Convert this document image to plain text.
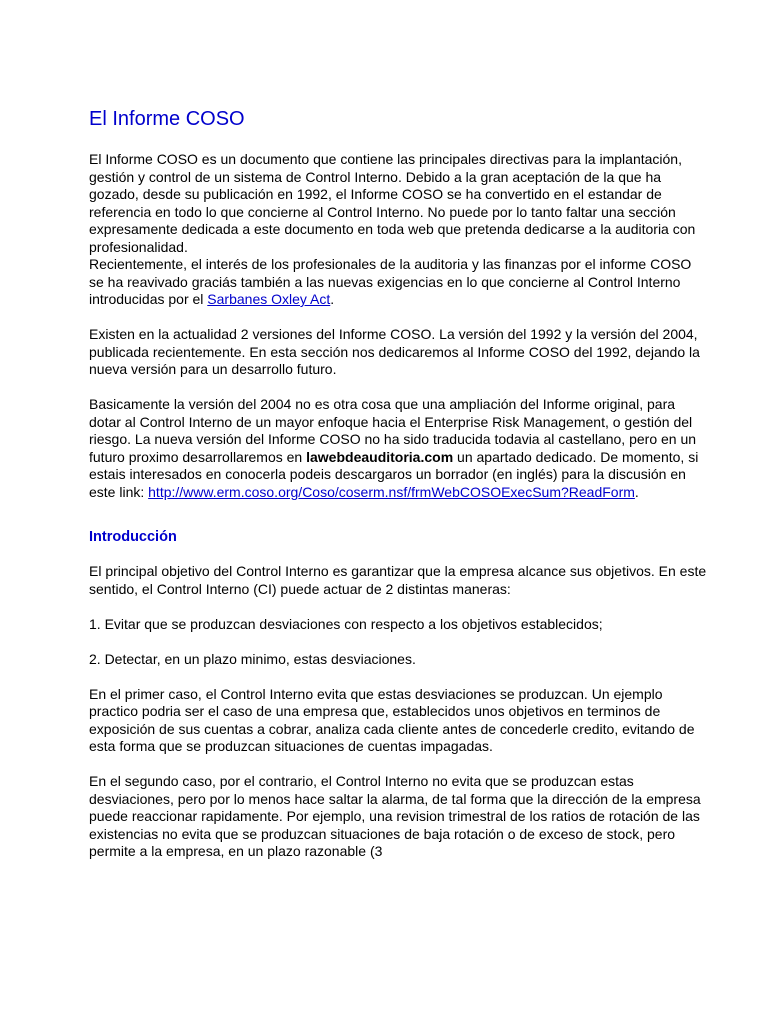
El Informe COSO

El Informe COSO es un documento que contiene las principales directivas para la implantación, gestión y control de un sistema de Control Interno. Debido a la gran aceptación de la que ha gozado, desde su publicación en 1992, el Informe COSO se ha convertido en el estandar de referencia en todo lo que concierne al Control Interno. No puede por lo tanto faltar una sección expresamente dedicada a este documento en toda web que pretenda dedicarse a la auditoria con profesionalidad.
Recientemente, el interés de los profesionales de la auditoria y las finanzas por el informe COSO se ha reavivado graciás también a las nuevas exigencias en lo que concierne al Control Interno introducidas por el Sarbanes Oxley Act.

Existen en la actualidad 2 versiones del Informe COSO. La versión del 1992 y la versión del 2004, publicada recientemente. En esta sección nos dedicaremos al Informe COSO del 1992, dejando la nueva versión para un desarrollo futuro.

Basicamente la versión del 2004 no es otra cosa que una ampliación del Informe original, para dotar al Control Interno de un mayor enfoque hacia el Enterprise Risk Management, o gestión del riesgo. La nueva versión del Informe COSO no ha sido traducida todavia al castellano, pero en un futuro proximo desarrollaremos en lawebdeauditoria.com un apartado dedicado. De momento, si estais interesados en conocerla podeis descargaros un borrador (en inglés) para la discusión en este link: http://www.erm.coso.org/Coso/coserm.nsf/frmWebCOSOExecSum?ReadForm.

Introducción

El principal objetivo del Control Interno es garantizar que la empresa alcance sus objetivos. En este sentido, el Control Interno (CI) puede actuar de 2 distintas maneras:

1. Evitar que se produzcan desviaciones con respecto a los objetivos establecidos;

2. Detectar, en un plazo minimo, estas desviaciones.

En el primer caso, el Control Interno evita que estas desviaciones se produzcan. Un ejemplo practico podria ser el caso de una empresa que, establecidos unos objetivos en terminos de exposición de sus cuentas a cobrar, analiza cada cliente antes de concederle credito, evitando de esta forma que se produzcan situaciones de cuentas impagadas.

En el segundo caso, por el contrario, el Control Interno no evita que se produzcan estas desviaciones, pero por lo menos hace saltar la alarma, de tal forma que la dirección de la empresa puede reaccionar rapidamente. Por ejemplo, una revision trimestral de los ratios de rotación de las existencias no evita que se produzcan situaciones de baja rotación o de exceso de stock, pero permite a la empresa, en un plazo razonable (3
